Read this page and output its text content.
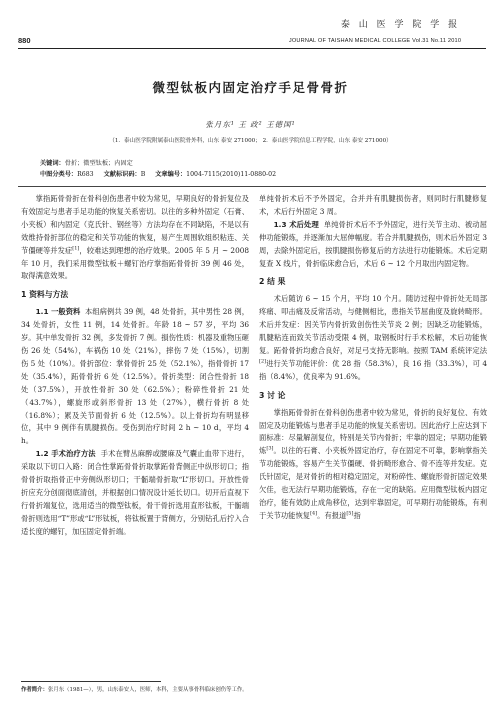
880
泰 山 医 学 院 学 报
JOURNAL OF TAISHAN MEDICAL COLLEGE Vol.31 No.11 2010
微型钛板内固定治疗手足骨骨折
张月东¹ 王 政² 王德国¹
（1．泰山医学院附属泰山医院骨外科，山东 泰安 271000； 2．泰山医学院信息工程学院，山东 泰安 271000）
关键词：骨折；微型钛板；内固定
中图分类号：R683 文献标识码：B 文章编号：1004-7115(2010)11-0880-02

掌指跖骨骨折在骨科创伤患者中较为常见，早期良好的骨折复位及有效固定与患者手足功能的恢复关系密切。以往的多种外固定（石膏、小夹板）和内固定（克氏针、钢丝等）方法均存在不同缺陷，不是以有效维持骨折部位的稳定和关节功能的恢复，易产生周围软组织粘连、关节僵硬等并发症[1]，较难达到理想的治疗效果。2005 年 5 月 ~ 2008 年 10 月，我们采用微型钛板＋螺钉治疗掌指跖骨骨折 39 例 46 处，取得满意效果。

1 资料与方法

1.1 一般资料 本组病例共 39 例，48 处骨折，其中男性 28 例，34 处骨折，女性 11 例，14 处骨折。年龄 18 ~ 57 岁，平均 36 岁。其中单发骨折 32 例，多发骨折 7 例。損伤性质：机器及重物压砸伤 26 处（54%），车祸伤 10 处（21%），摔伤 7 处（15%），切割伤 5 处（10%）。骨折部位：掌骨骨折 25 处（52.1%），指骨骨折 17 处（35.4%），跖骨骨折 6 处（12.5%）。骨折类型：闭合性骨折 18 处（37.5%），开放性骨折 30 处（62.5%）；粉碎性骨折 21 处（43.7%），螺旋形或斜形骨折 13 处（27%），横行骨折 8 处（16.8%）；累及关节面骨折 6 处（12.5%）。以上骨折均有明显移位，其中 9 例伴有肌腱损伤。受伤到治疗时间 2 h ~ 10 d，平均 4 h。

1.2 手术治疗方法 手术在臂丛麻醉或腰麻及气囊止血带下进行，采取以下切口入路：闭合性掌跖骨骨折取掌跖骨背侧正中纵形切口；指骨骨折取指骨正中旁侧纵形切口；干骺端骨折取“L”形切口。开放性骨折应充分创面彻底清创，并根据创口情况设计延长切口。切开后直视下行骨折端复位，选用适当的微型钛板，骨干骨折选用直形钛板，干骺端骨折则选用“T”形或“L”形钛板，将钛板置于背侧方，分别钻孔后拧入合适长度的螺钉，加压固定骨折端。

单纯骨折术后不予外固定，合并并有肌腱损伤者，则同时行肌腱修复术，术后行外固定 3 周。

1.3 术后处理 单纯骨折术后不予外固定，进行关节主动、被动屈伸功能锻炼，并逐渐加大屈伸幅度。若合并肌腱损伤，则术后外固定 3 周，去除外固定后，按肌腱损伤修复后的方法进行功能锻炼。术后定期复查 X 线片，骨折临床愈合后，术后 6 ~ 12 个月取出内固定物。

2 结 果

术后随访 6 ~ 15 个月，平均 10 个月。随访过程中骨折处无局部疼痛、叩击痛及反常活动，与健侧相比，患指关节屈曲度及旋转畸形。术后并发症：因关节内骨折致创伤性关节炎 2 例；因缺乏功能锻炼，肌腱粘连而致关节活动受限 4 例，取钢板时行手术松解，术后功能恢复。跖骨骨折均愈合良好，对足弓支持无影响。按照 TAM 系统评定法[2]进行关节功能评价：优 28 指（58.3%），良 16 指（33.3%），可 4 指（8.4%），优良率为 91.6%。

3 讨 论

掌指跖骨骨折在骨科创伤患者中较为常见，骨折的良好复位、有效固定及功能锻炼与患者手足功能的恢复关系密切。因此治疗上应达到下面标准：尽量解剖复位，特别是关节内骨折；牢靠的固定；早期功能锻炼[3]。以往的石膏、小夹板外固定治疗，存在固定不可靠，影响掌指关节功能锻炼，容易产生关节僵硬、骨折畸形愈合、骨不连等并发症。克氏针固定，是对骨折的相对稳定固定，对粉碎性、螺旋形骨折固定效果欠佳，也无法行早期功能锻炼，存在一定的缺陷。应用微型钛板内固定治疗，能有效防止成角移位，达到牢靠固定，可早期行功能锻炼，有利于关节功能恢复[4]。有报道[5]指

作者简介：张月东（1981—），男，山东泰安人，医师，本科，主要从事骨科临床创伤等工作。
